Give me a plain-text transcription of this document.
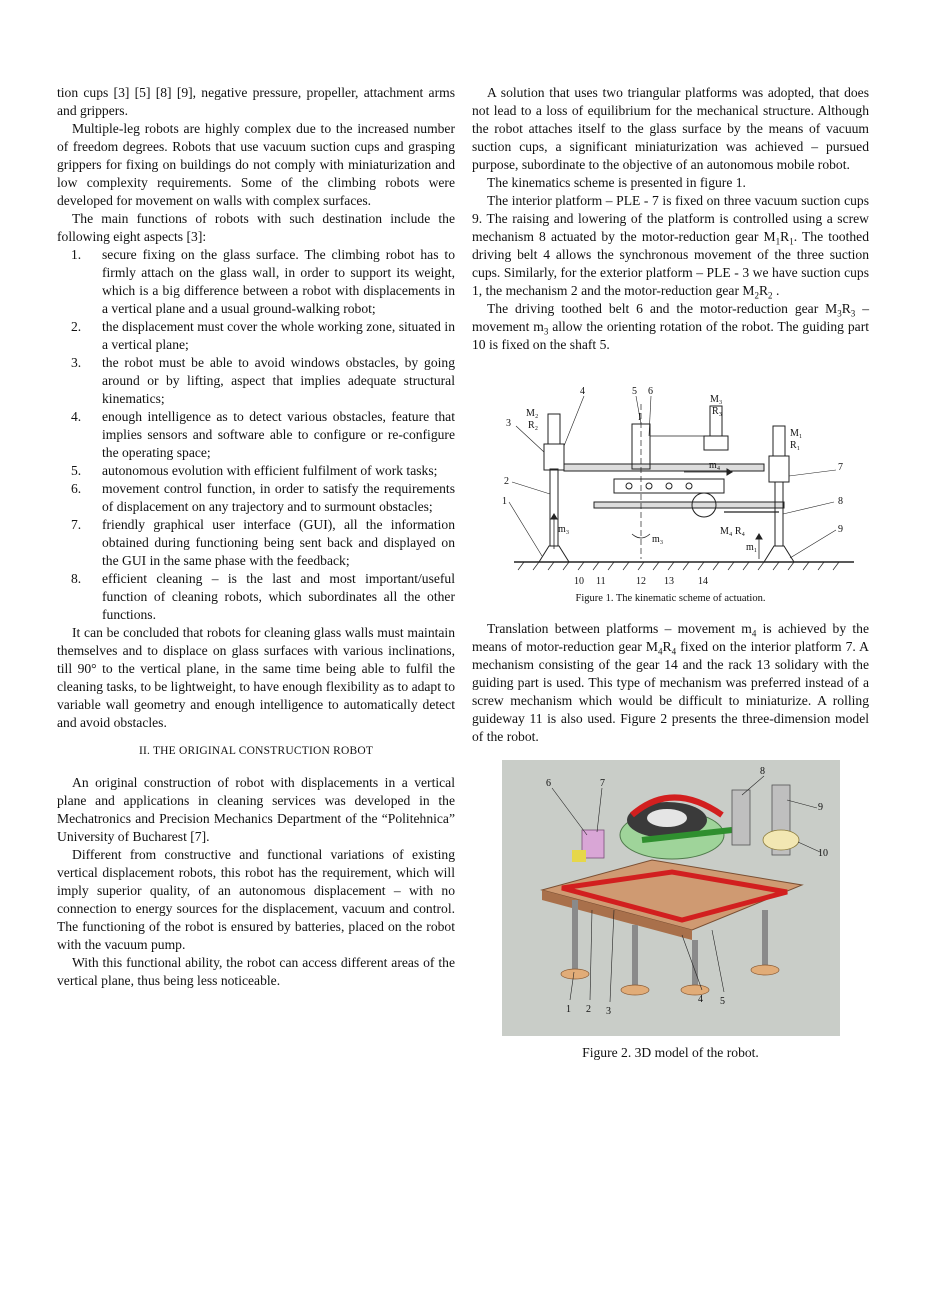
tion cups [3] [5] [8] [9], negative pressure, propeller, attachment arms and grippers.

Multiple-leg robots are highly complex due to the increased number of freedom degrees. Robots that use vacuum suction cups and grasping grippers for fixing on buildings do not comply with miniaturization and low complexity requirements. Some of the climbing robots were developed for movement on walls with complex surfaces.

The main functions of robots with such destination include the following eight aspects [3]:

1. secure fixing on the glass surface. The climbing robot has to firmly attach on the glass wall, in order to support its weight, which is a big difference between a robot with displacements in a vertical plane and a usual ground-walking robot;
2. the displacement must cover the whole working zone, situated in a vertical plane;
3. the robot must be able to avoid windows obstacles, by going around or by lifting, aspect that implies adequate structural kinematics;
4. enough intelligence as to detect various obstacles, feature that implies sensors and software able to configure or re-configure the operating space;
5. autonomous evolution with efficient fulfilment of work tasks;
6. movement control function, in order to satisfy the requirements of displacement on any trajectory and to surmount obstacles;
7. friendly graphical user interface (GUI), all the information obtained during functioning being sent back and displayed on the GUI in the same phase with the feedback;
8. efficient cleaning – is the last and most important/useful function of cleaning robots, which subordinates all the other functions.

It can be concluded that robots for cleaning glass walls must maintain themselves and to displace on glass surfaces with various inclinations, till 90° to the vertical plane, in the same time being able to fulfil the cleaning tasks, to be lightweight, to have enough flexibility as to adapt to variable wall geometry and enough intelligence to automatically detect and avoid obstacles.

II. THE ORIGINAL CONSTRUCTION ROBOT

An original construction of robot with displacements in a vertical plane and applications in cleaning services was developed in the Mechatronics and Precision Mechanics Department of the “Politehnica” University of Bucharest [7].

Different from constructive and functional variations of existing vertical displacement robots, this robot has the requirement, which will imply superior quality, of an autonomous displacement – with no connection to energy sources for the displacement, vacuum and control. The functioning of the robot is ensured by batteries, placed on the robot with the vacuum pump.

With this functional ability, the robot can access different areas of the vertical plane, thus being less noticeable.

A solution that uses two triangular platforms was adopted, that does not lead to a loss of equilibrium for the mechanical structure. Although the robot attaches itself to the glass surface by the means of vacuum suction cups, a significant miniaturization was achieved – pursued purpose, subordinate to the objective of an autonomous mobile robot.

The kinematics scheme is presented in figure 1.

The interior platform – PLE - 7 is fixed on three vacuum suction cups 9. The raising and lowering of the platform is controlled using a screw mechanism 8 actuated by the motor-reduction gear $M_1R_1$. The toothed driving belt 4 allows the synchronous movement of the three suction cups. Similarly, for the exterior platform – PLE - 3 we have suction cups 1, the mechanism 2 and the motor-reduction gear $M_2R_2$ .

The driving toothed belt 6 and the motor-reduction gear $M_3R_3$ – movement $m_3$ allow the orienting rotation of the robot. The guiding part 10 is fixed on the shaft 5.

4	5 6
M₂
R₂
M₃
R₃
M₁
R₁
3
2
1
7
8
9
m₄
m₃
m₃
M₄ R₄
m₁
I
10 11	12 13 14
Figure 1. The kinematic scheme of actuation.

Translation between platforms – movement $m_4$ is achieved by the means of motor-reduction gear $M_4R_4$ fixed on the interior platform 7. A mechanism consisting of the gear 14 and the rack 13 solidary with the guiding part is used. This type of mechanism was preferred instead of a screw mechanism which would be difficult to miniaturize. A rolling guideway 11 is also used. Figure 2 presents the three-dimension model of the robot.

6	7
8
9
10
1 2 3
4 5
Figure 2. 3D model of the robot.
